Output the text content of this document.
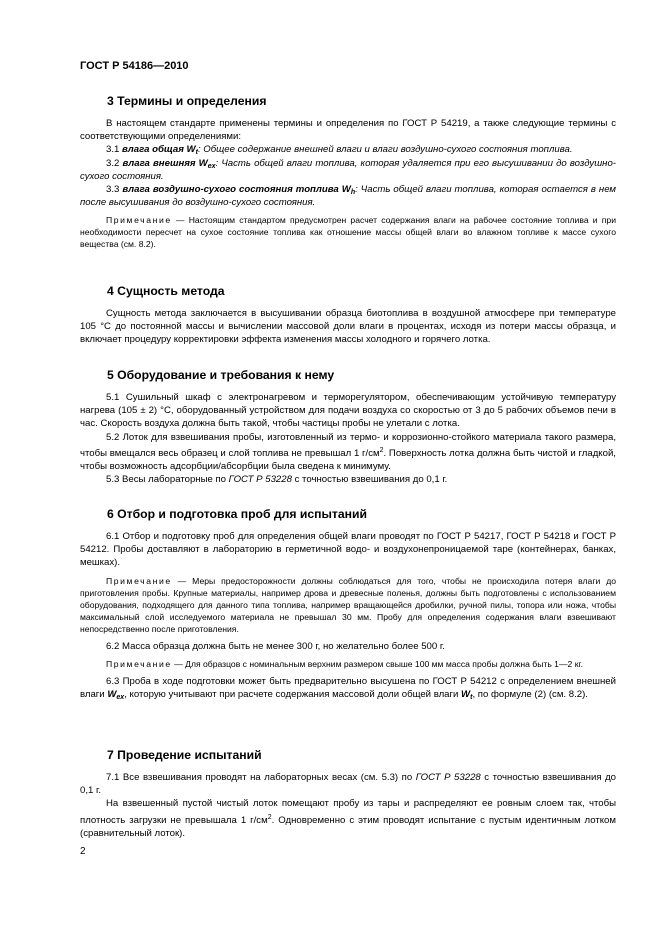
ГОСТ Р 54186—2010
3 Термины и определения

В настоящем стандарте применены термины и определения по ГОСТ Р 54219, а также следующие термины с соответствующими определениями:

3.1 влага общая $W_t$: Общее содержание внешней влаги и влаги воздушно-сухого состояния топлива.

3.2 влага внешняя $W_{ex}$: Часть общей влаги топлива, которая удаляется при его высушивании до воздушно-сухого состояния.

3.3 влага воздушно-сухого состояния топлива $W_h$: Часть общей влаги топлива, которая остается в нем после высушивания до воздушно-сухого состояния.

Примечание — Настоящим стандартом предусмотрен расчет содержания влаги на рабочее состояние топлива и при необходимости пересчет на сухое состояние топлива как отношение массы общей влаги во влажном топливе к массе сухого вещества (см. 8.2).

4 Сущность метода

Сущность метода заключается в высушивании образца биотоплива в воздушной атмосфере при температуре 105 °С до постоянной массы и вычислении массовой доли влаги в процентах, исходя из потери массы образца, и включает процедуру корректировки эффекта изменения массы холодного и горячего лотка.

5 Оборудование и требования к нему

5.1 Сушильный шкаф с электронагревом и терморегулятором, обеспечивающим устойчивую температуру нагрева (105 ± 2) °С, оборудованный устройством для подачи воздуха со скоростью от 3 до 5 рабочих объемов печи в час. Скорость воздуха должна быть такой, чтобы частицы пробы не улетали с лотка.

5.2 Лоток для взвешивания пробы, изготовленный из термо- и коррозионно-стойкого материала такого размера, чтобы вмещался весь образец и слой топлива не превышал 1 $г/см^2$. Поверхность лотка должна быть чистой и гладкой, чтобы возможность адсорбции/абсорбции была сведена к минимуму.

5.3 Весы лабораторные по ГОСТ Р 53228 с точностью взвешивания до 0,1 г.

6 Отбор и подготовка проб для испытаний

6.1 Отбор и подготовку проб для определения общей влаги проводят по ГОСТ Р 54217, ГОСТ Р 54218 и ГОСТ Р 54212. Пробы доставляют в лабораторию в герметичной водо- и воздухонепроницаемой таре (контейнерах, банках, мешках).

Примечание — Меры предосторожности должны соблюдаться для того, чтобы не происходила потеря влаги до приготовления пробы. Крупные материалы, например дрова и древесные поленья, должны быть подготовлены с использованием оборудования, подходящего для данного типа топлива, например вращающейся дробилки, ручной пилы, топора или ножа, чтобы максимальный слой исследуемого материала не превышал 30 мм. Пробу для определения содержания влаги взвешивают непосредственно после приготовления.

6.2 Масса образца должна быть не менее 300 г, но желательно более 500 г.

Примечание — Для образцов с номинальным верхним размером свыше 100 мм масса пробы должна быть 1—2 кг.

6.3 Проба в ходе подготовки может быть предварительно высушена по ГОСТ Р 54212 с определением внешней влаги $W_{ex}$, которую учитывают при расчете содержания массовой доли общей влаги $W_t$, по формуле (2) (см. 8.2).

7 Проведение испытаний

7.1 Все взвешивания проводят на лабораторных весах (см. 5.3) по ГОСТ Р 53228 с точностью взвешивания до 0,1 г.

На взвешенный пустой чистый лоток помещают пробу из тары и распределяют ее ровным слоем так, чтобы плотность загрузки не превышала 1 $г/см^2$. Одновременно с этим проводят испытание с пустым идентичным лотком (сравнительный лоток).

2
